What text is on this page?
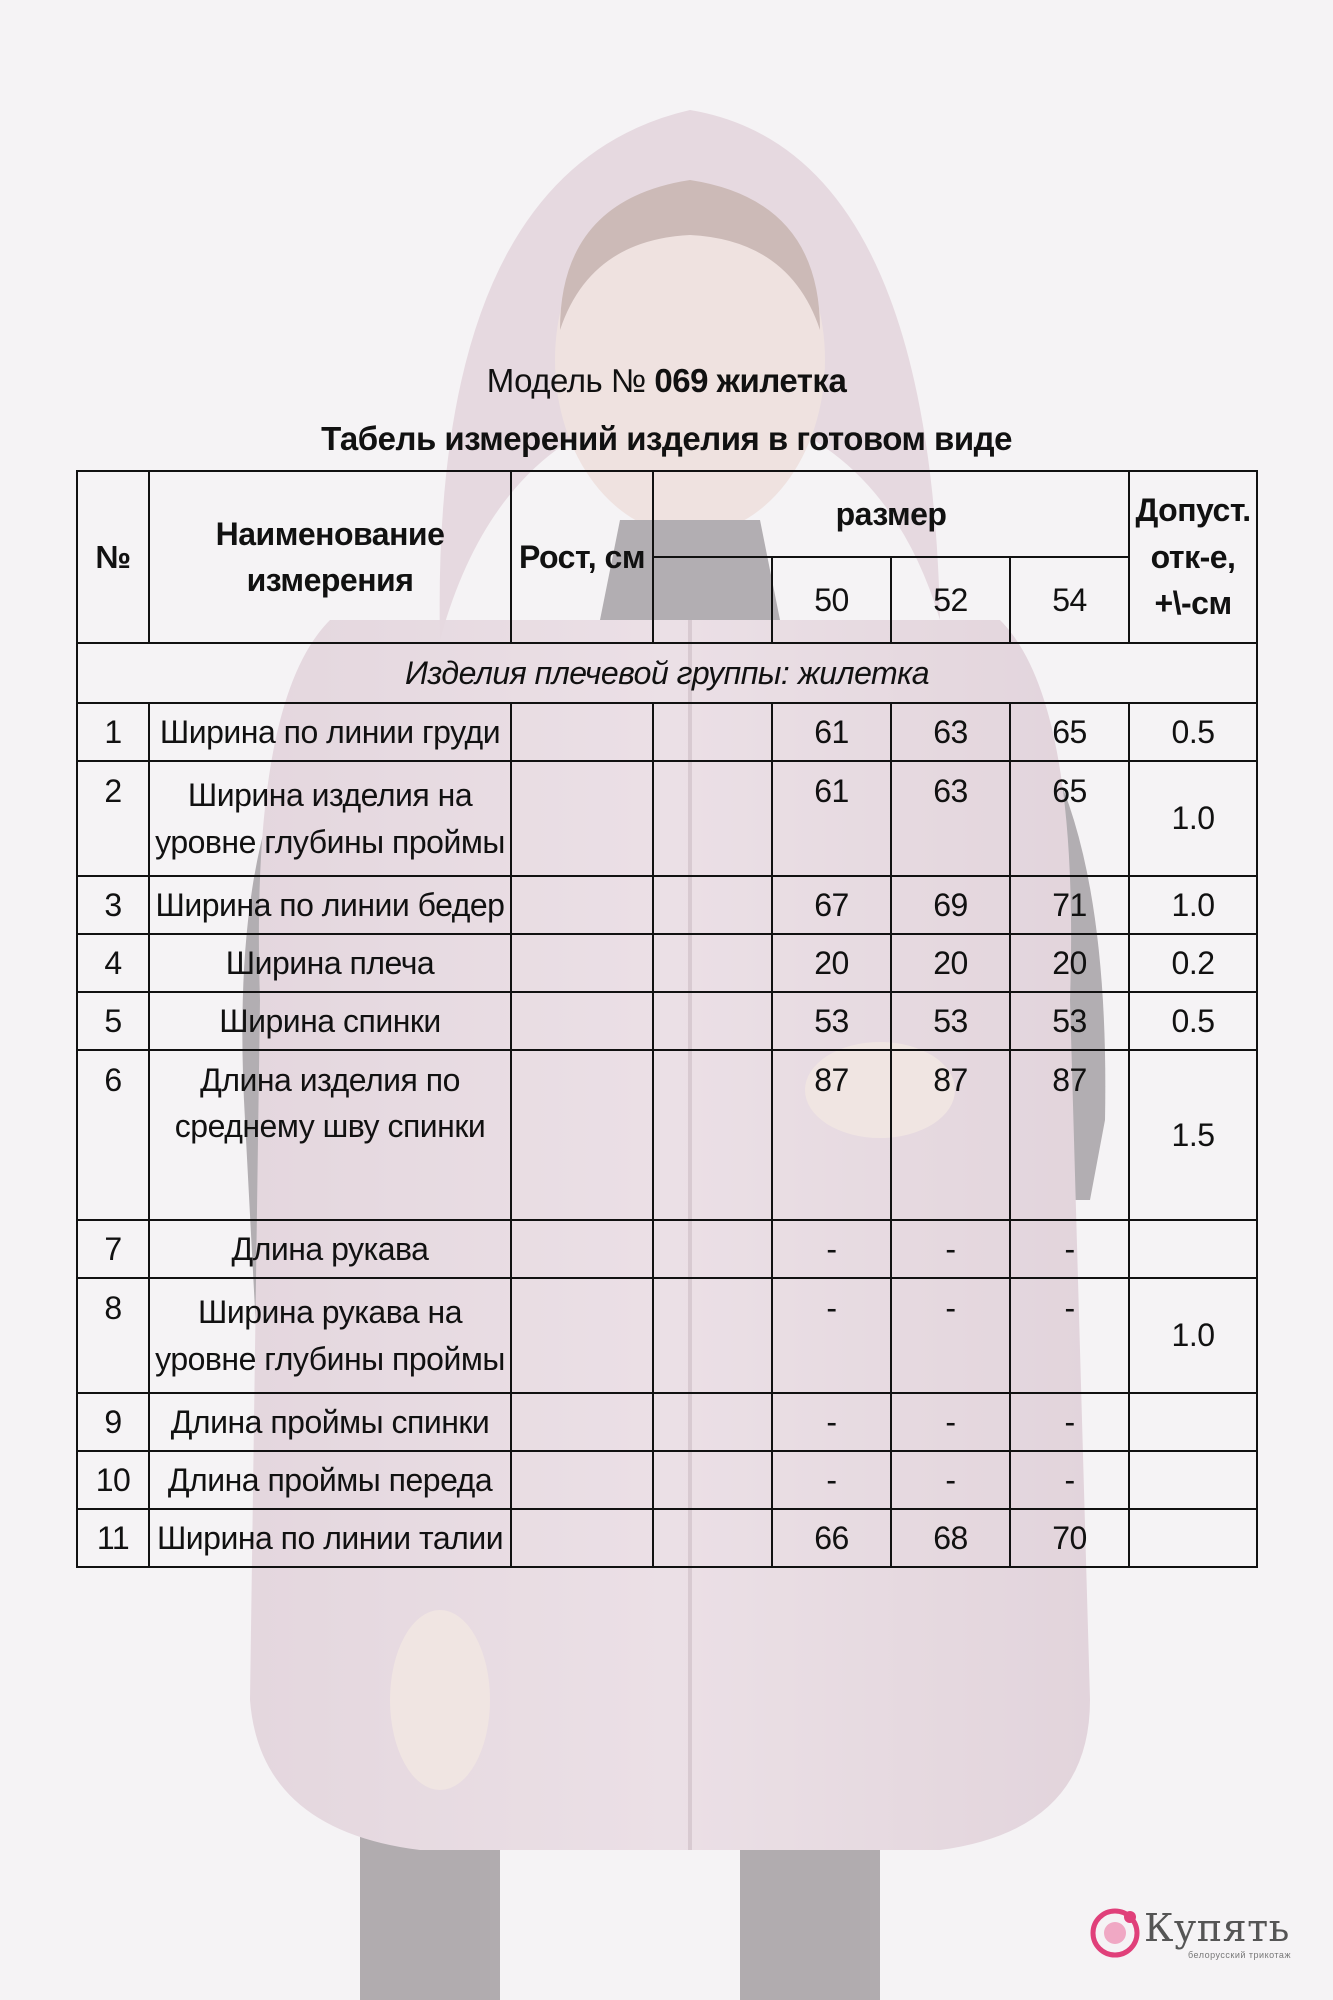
Модель № 069 жилетка
Табель измерений изделия в готовом виде
№	Наименование измерения	Рост, см	размер				Допуст. отк-е, +\-см
				50	52	54	
Изделия плечевой группы: жилетка							
1	Ширина по линии груди			61	63	65	0.5
2	Ширина изделия на уровне глубины проймы			61	63	65	1.0
3	Ширина по линии бедер			67	69	71	1.0
4	Ширина плеча			20	20	20	0.2
5	Ширина спинки			53	53	53	0.5
6	Длина изделия по среднему шву спинки			87	87	87	1.5
7	Длина рукава			-	-	-	
8	Ширина рукава на уровне глубины проймы			-	-	-	1.0
9	Длина проймы спинки			-	-	-	
10	Длина проймы переда			-	-	-	
11	Ширина по линии талии			66	68	70	
Купять
белорусский трикотаж
